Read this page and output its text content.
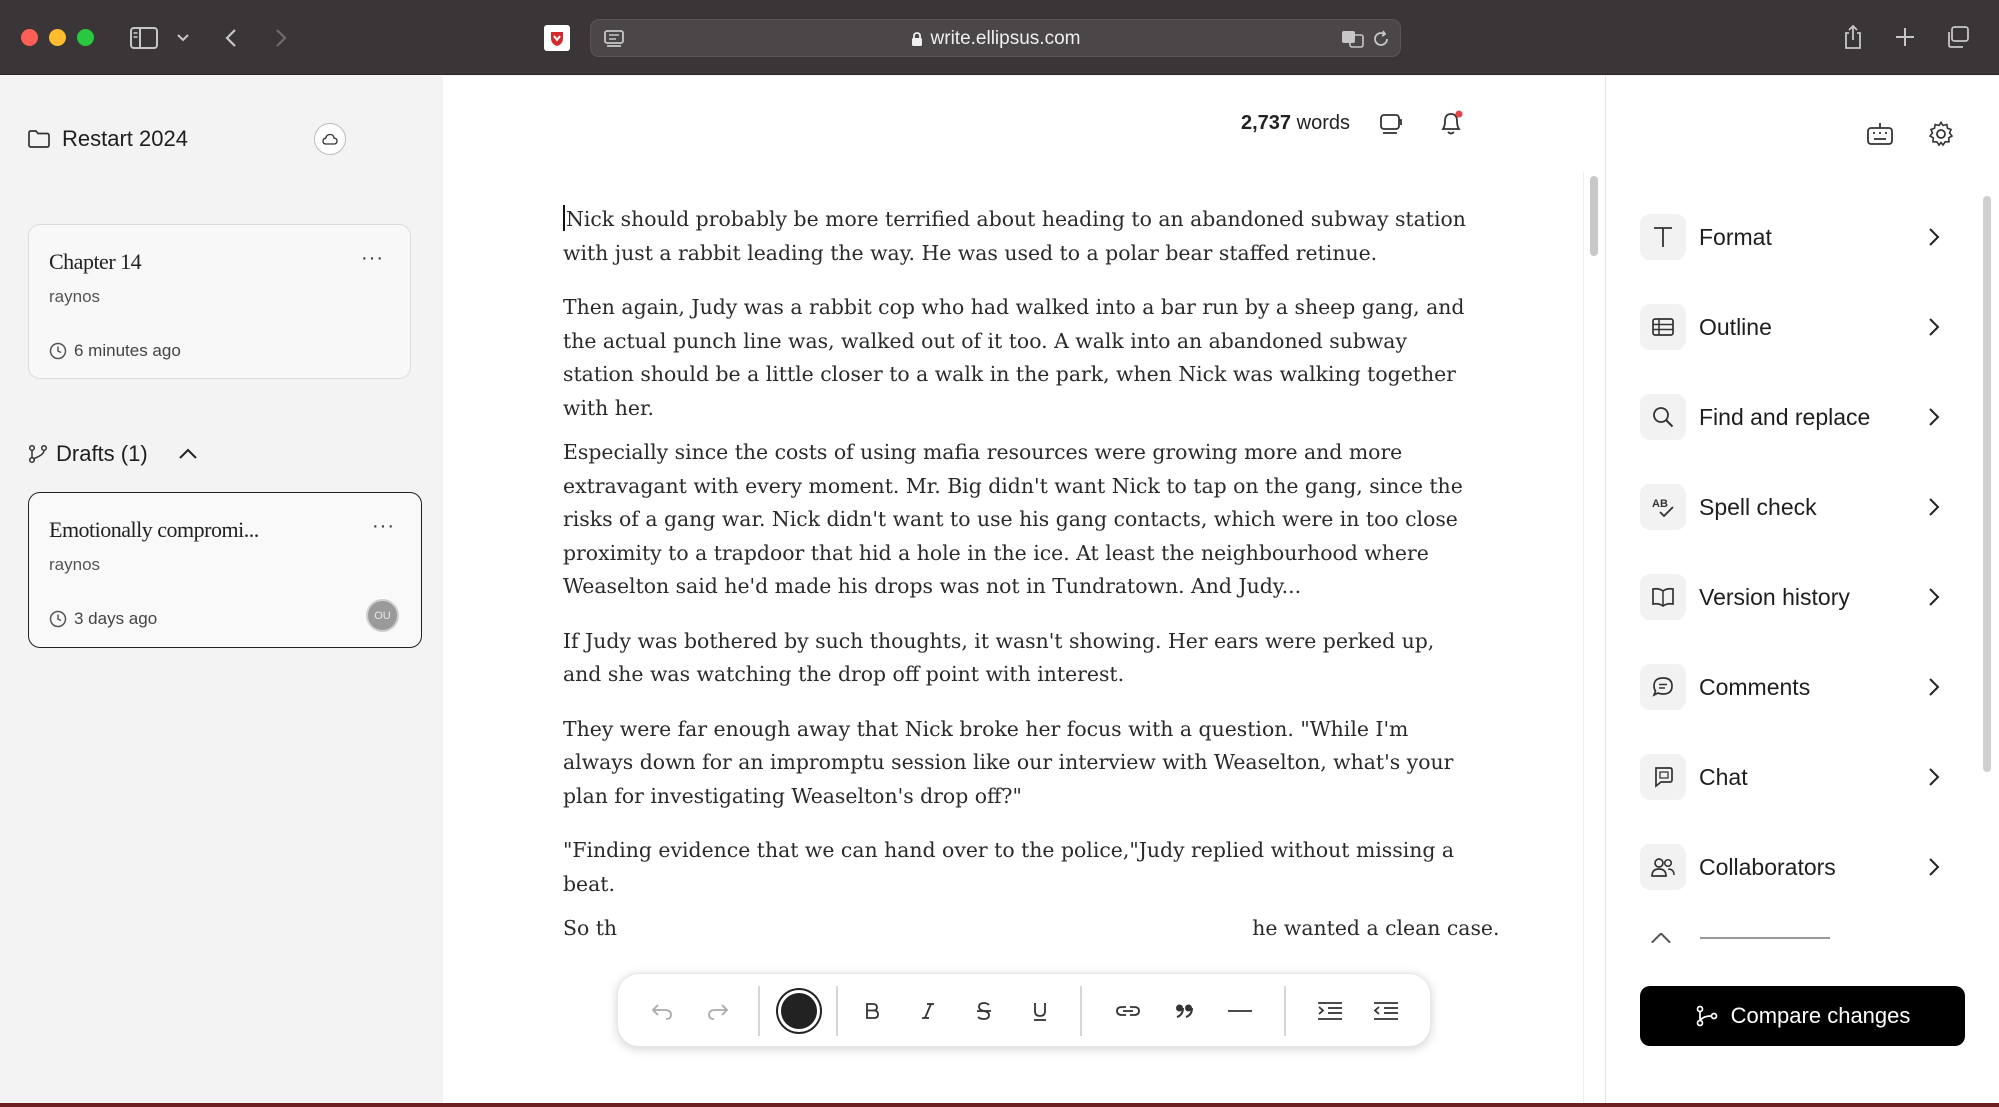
write.ellipsus.com
Restart 2024
Chapter 14
raynos
···
6 minutes ago
Drafts (1)
Emotionally compromi...
raynos
···
3 days ago	OU
2,737 words

Nick should probably be more terrified about heading to an abandoned subway station with just a rabbit leading the way. He was used to a polar bear staffed retinue.

Then again, Judy was a rabbit cop who had walked into a bar run by a sheep gang, and the actual punch line was, walked out of it too. A walk into an abandoned subway station should be a little closer to a walk in the park, when Nick was walking together with her.

Especially since the costs of using mafia resources were growing more and more extravagant with every moment. Mr. Big didn't want Nick to tap on the gang, since the risks of a gang war. Nick didn't want to use his gang contacts, which were in too close proximity to a trapdoor that hid a hole in the ice. At least the neighbourhood where Weaselton said he'd made his drops was not in Tundratown. And Judy...

If Judy was bothered by such thoughts, it wasn't showing. Her ears were perked up, and she was watching the drop off point with interest.

They were far enough away that Nick broke her focus with a question. "While I'm always down for an impromptu session like our interview with Weaselton, what's your plan for investigating Weaselton's drop off?"

"Finding evidence that we can hand over to the police,"Judy replied without missing a beat.

So th                                                                                                  he wanted a clean case.

Format
Outline
Find and replace
AB Spell check
Version history
Comments
Chat
Collaborators
Compare changes
